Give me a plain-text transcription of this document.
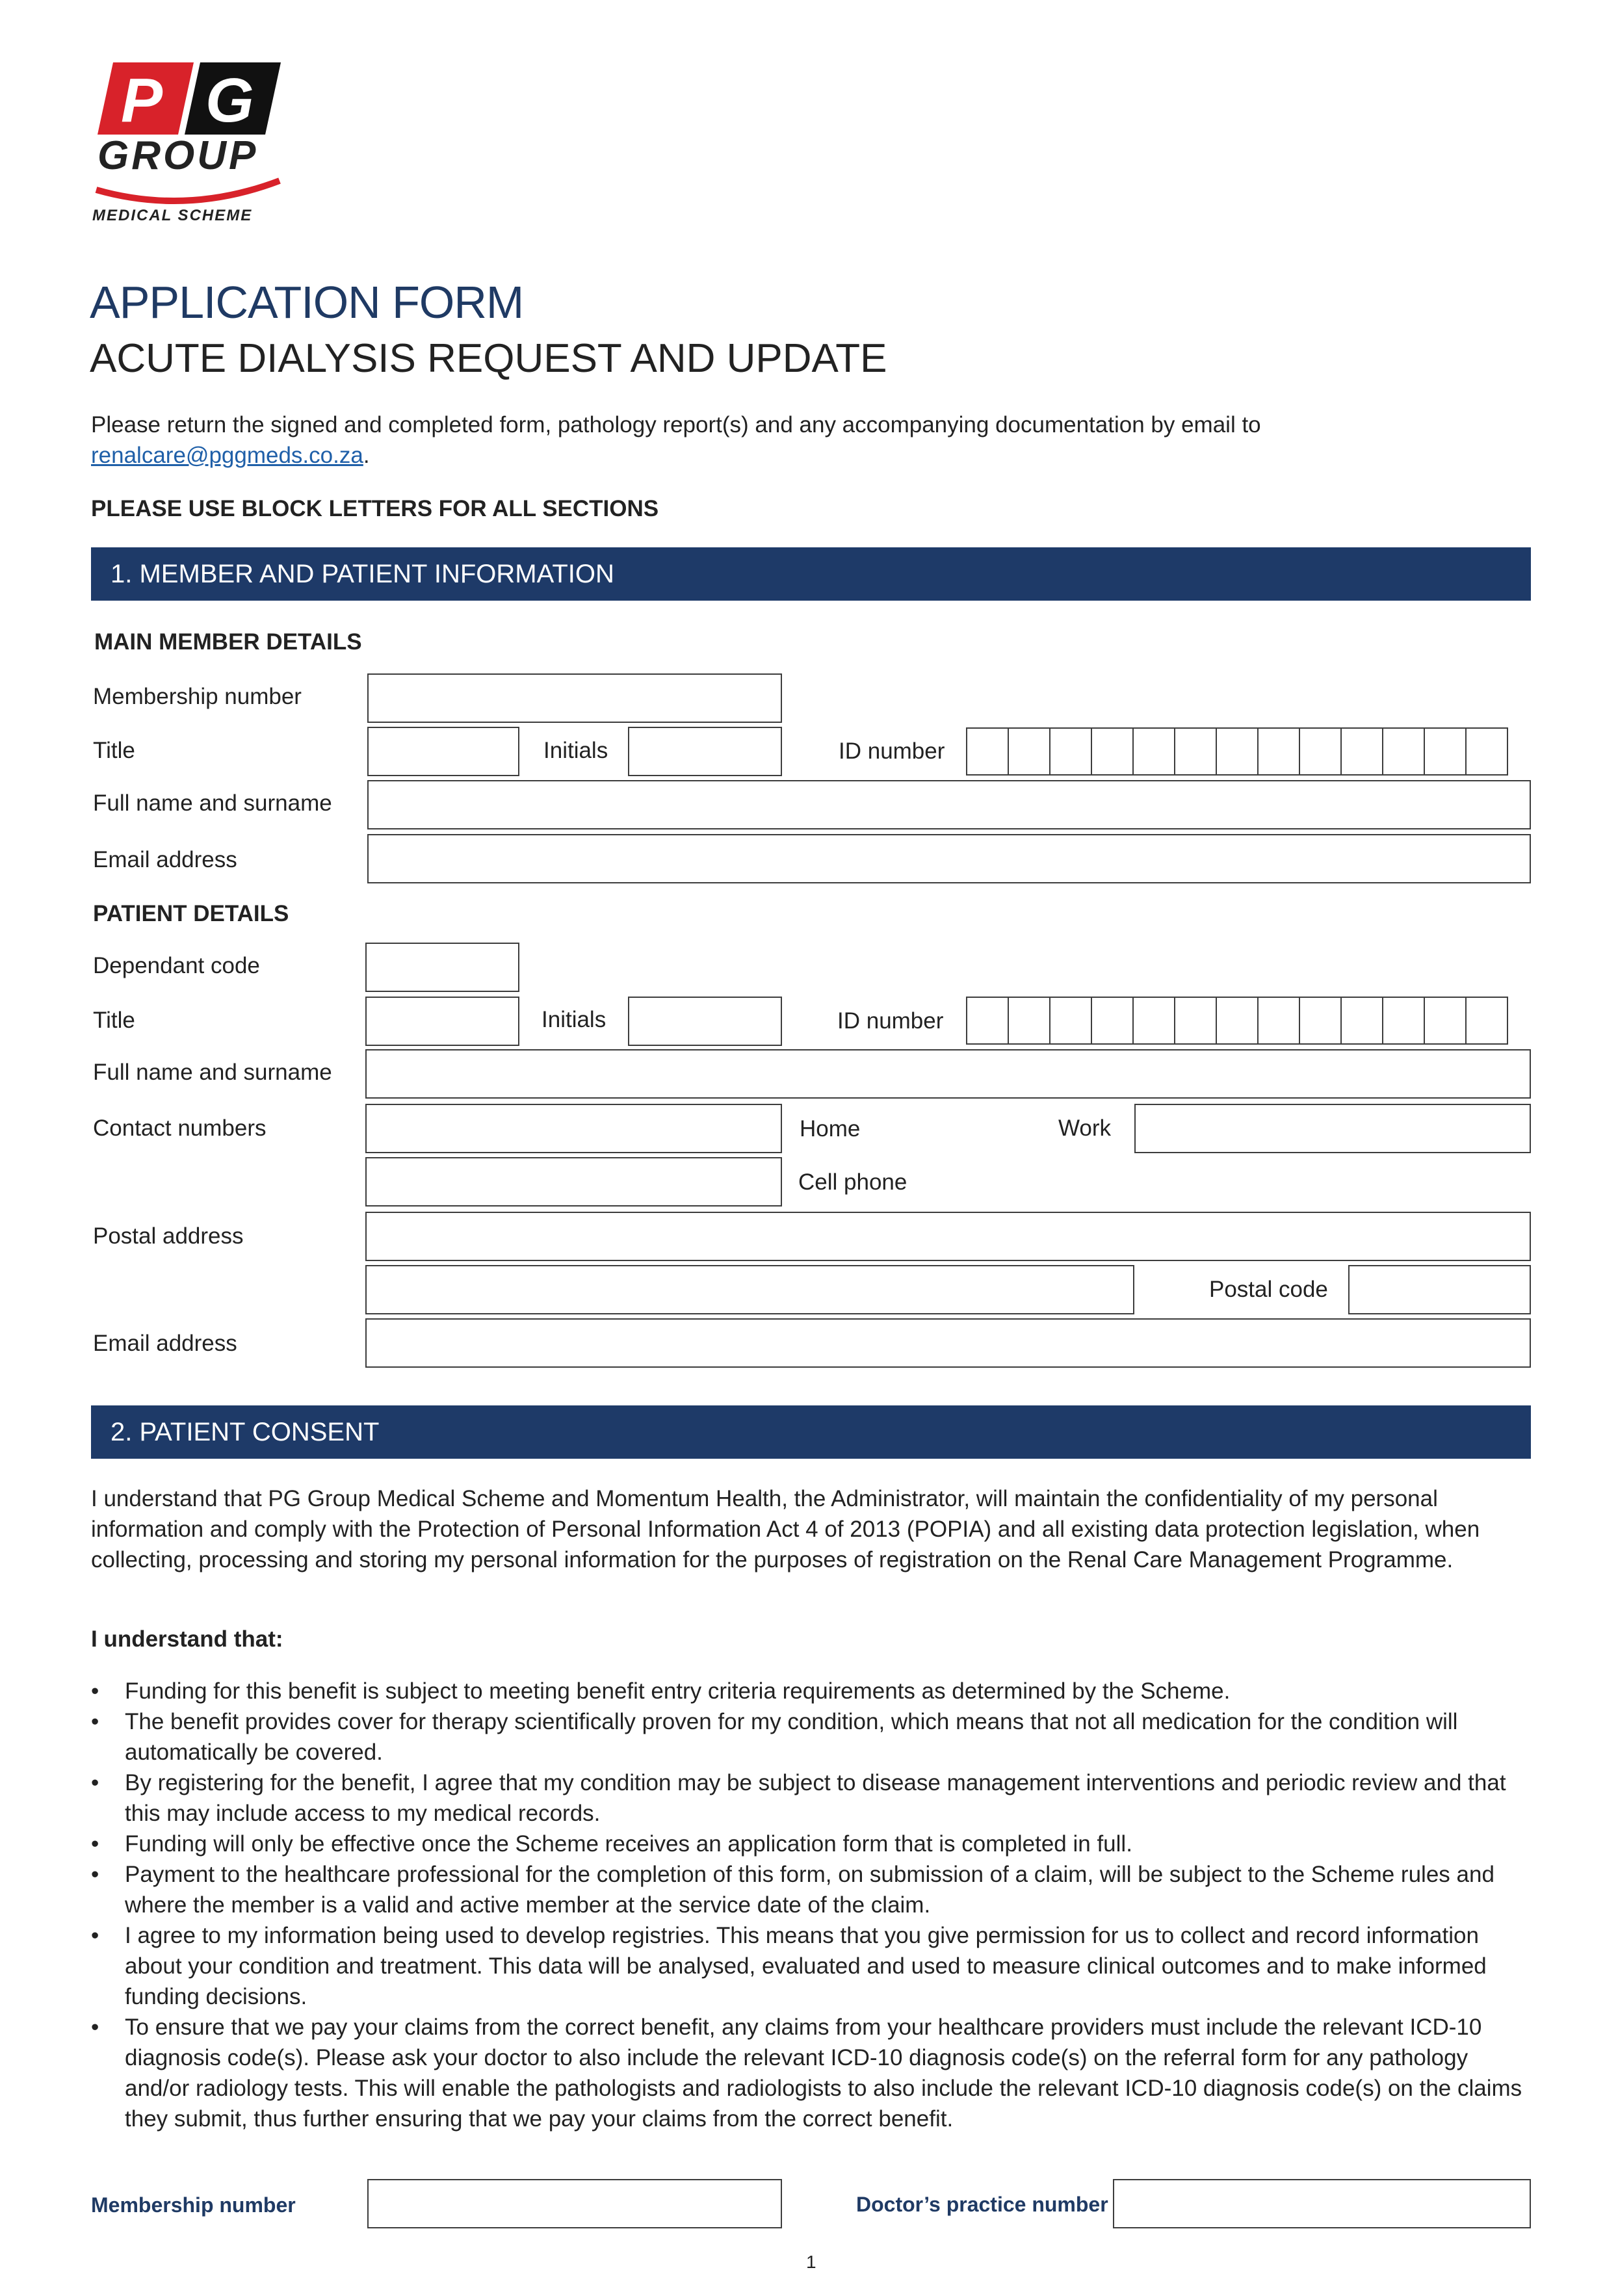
P G
GROUP
MEDICAL SCHEME
APPLICATION FORM
ACUTE DIALYSIS REQUEST AND UPDATE
Please return the signed and completed form, pathology report(s) and any accompanying documentation by email to
renalcare@pggmeds.co.za.
PLEASE USE BLOCK LETTERS FOR ALL SECTIONS
1. MEMBER AND PATIENT INFORMATION
MAIN MEMBER DETAILS
Membership number
Title	Initials	ID number
Full name and surname
Email address
PATIENT DETAILS
Dependant code
Title	Initials	ID number
Full name and surname
Contact numbers	Home	Work
Cell phone
Postal address
Postal code
Email address
2. PATIENT CONSENT
I understand that PG Group Medical Scheme and Momentum Health, the Administrator, will maintain the confidentiality of my personal information and comply with the Protection of Personal Information Act 4 of 2013 (POPIA) and all existing data protection legislation, when collecting, processing and storing my personal information for the purposes of registration on the Renal Care Management Programme.
I understand that:
• Funding for this benefit is subject to meeting benefit entry criteria requirements as determined by the Scheme.
• The benefit provides cover for therapy scientifically proven for my condition, which means that not all medication for the condition will automatically be covered.
• By registering for the benefit, I agree that my condition may be subject to disease management interventions and periodic review and that this may include access to my medical records.
• Funding will only be effective once the Scheme receives an application form that is completed in full.
• Payment to the healthcare professional for the completion of this form, on submission of a claim, will be subject to the Scheme rules and where the member is a valid and active member at the service date of the claim.
• I agree to my information being used to develop registries. This means that you give permission for us to collect and record information about your condition and treatment. This data will be analysed, evaluated and used to measure clinical outcomes and to make informed funding decisions.
• To ensure that we pay your claims from the correct benefit, any claims from your healthcare providers must include the relevant ICD-10 diagnosis code(s). Please ask your doctor to also include the relevant ICD-10 diagnosis code(s) on the referral form for any pathology and/or radiology tests. This will enable the pathologists and radiologists to also include the relevant ICD-10 diagnosis code(s) on the claims they submit, thus further ensuring that we pay your claims from the correct benefit.
Membership number	Doctor’s practice number
1
